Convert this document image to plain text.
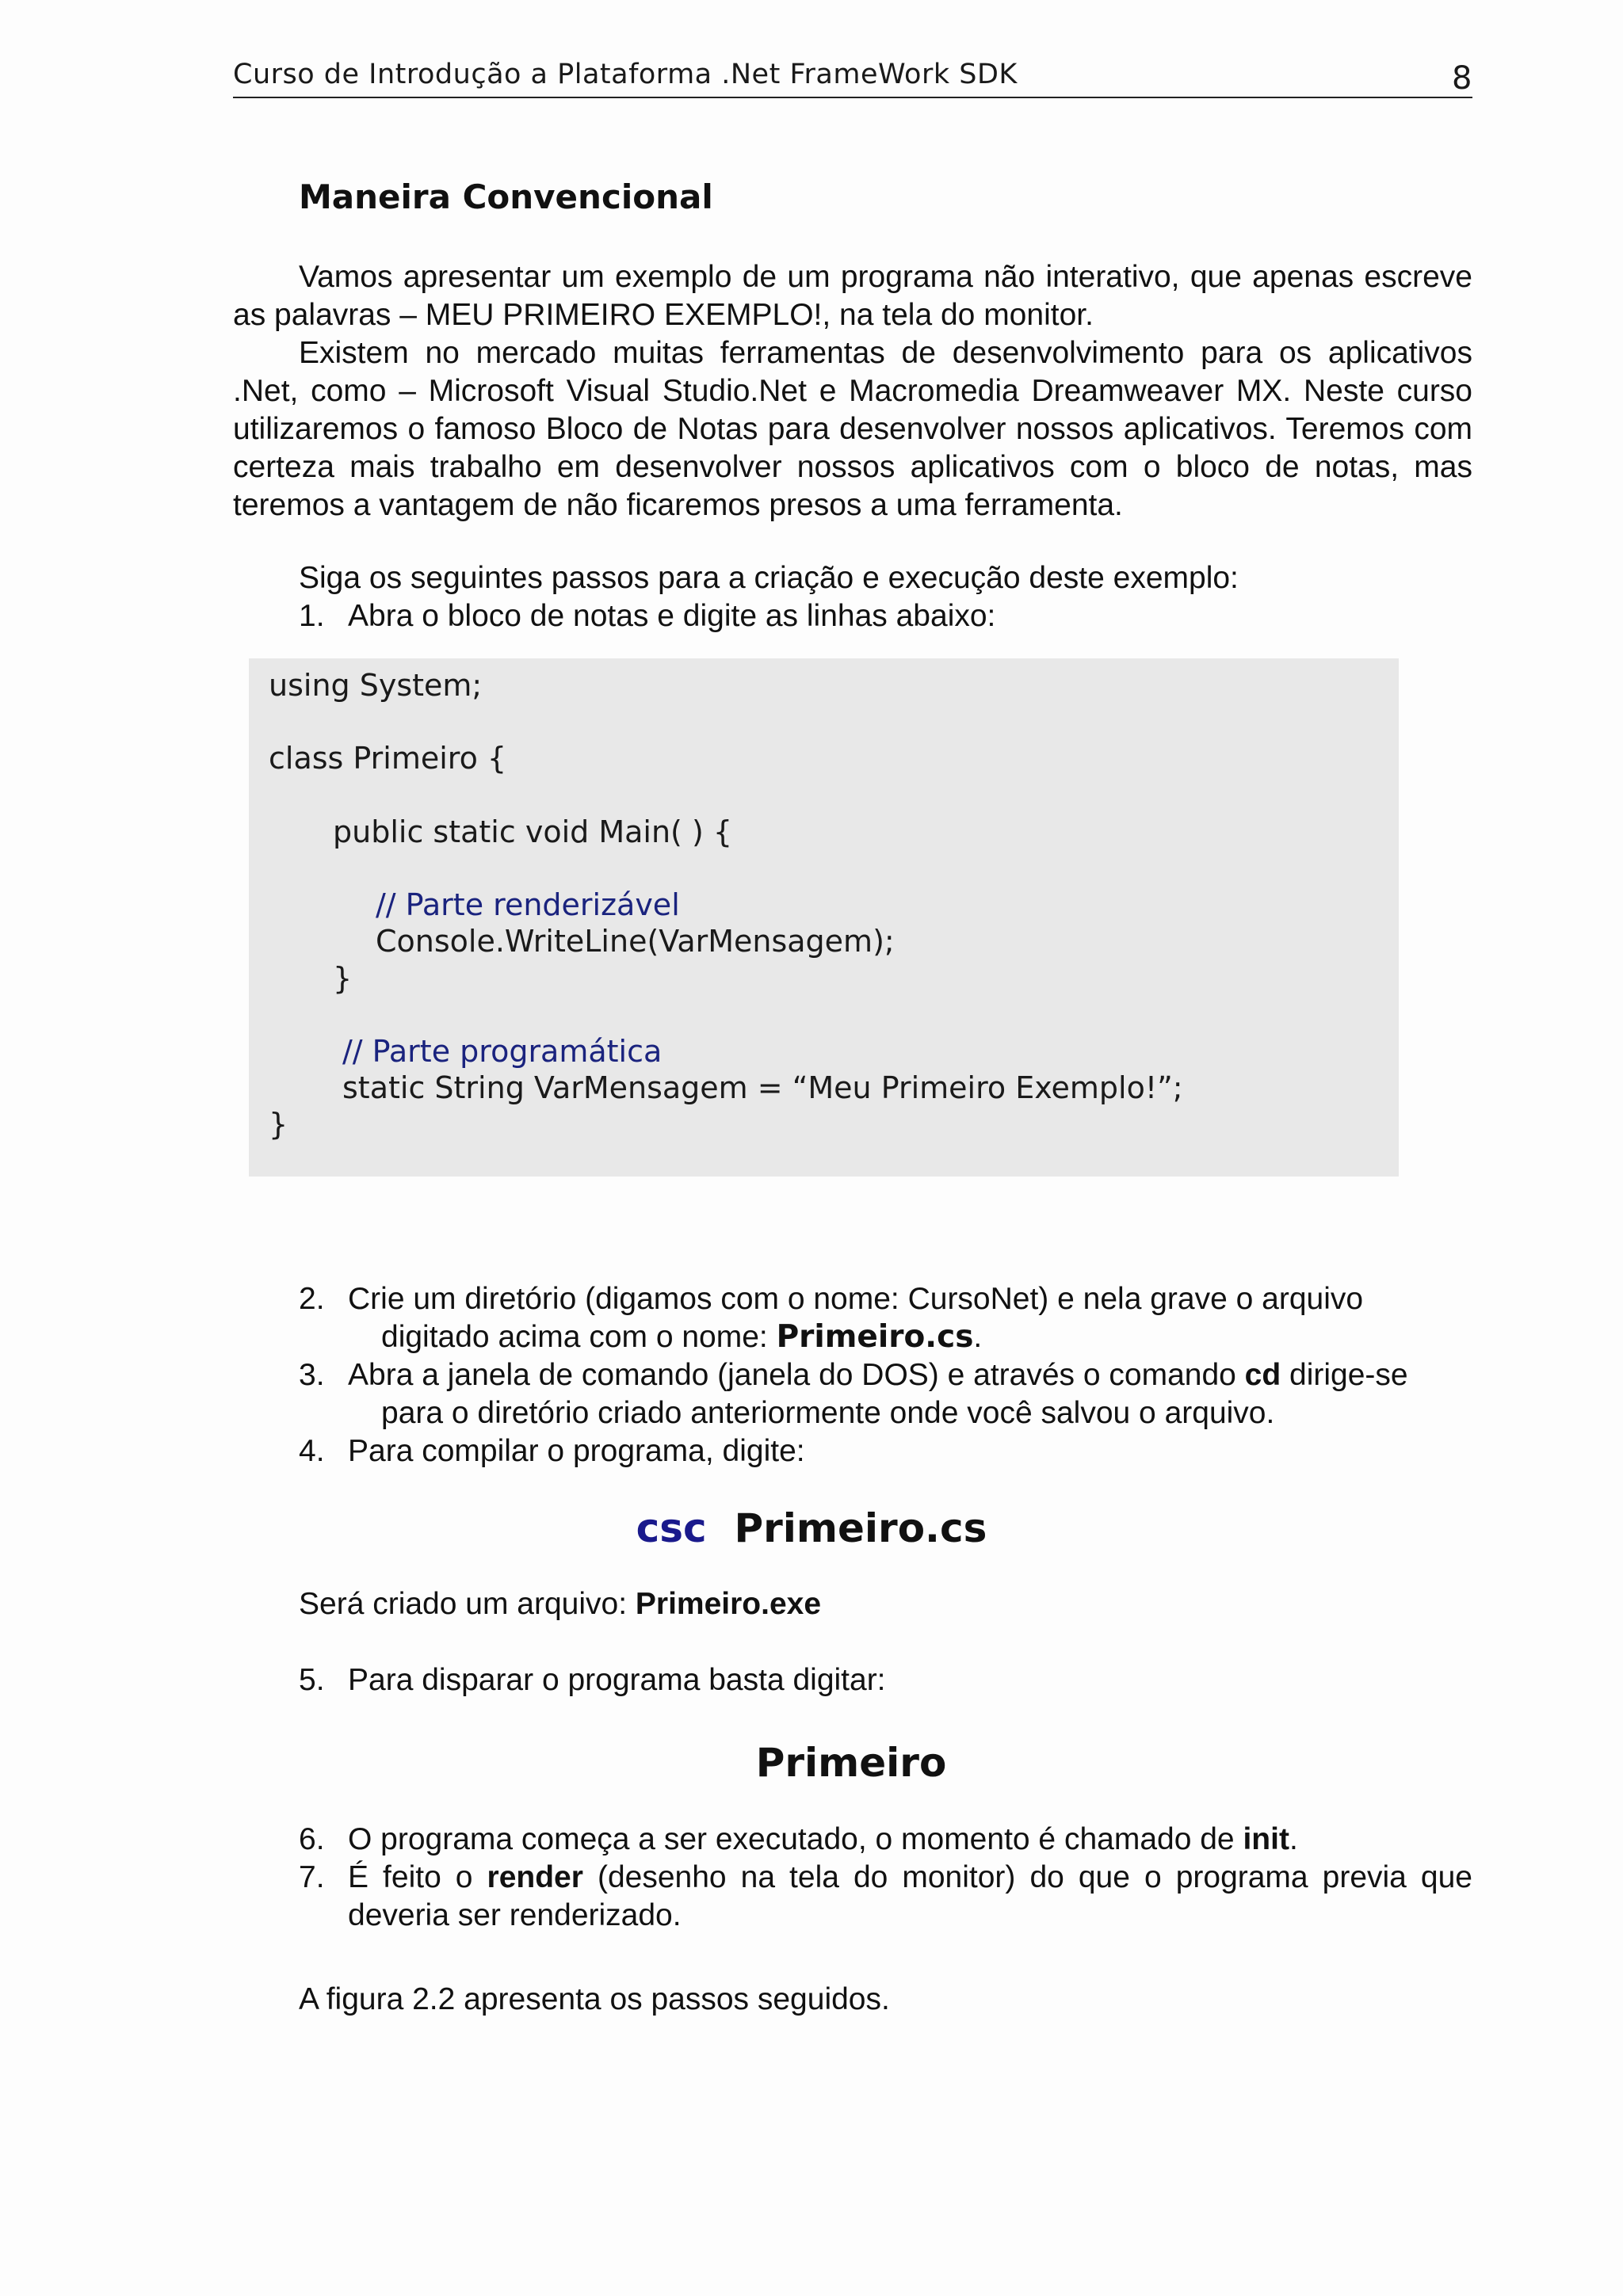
Curso de Introdução a Plataforma .Net FrameWork SDK	8
Maneira Convencional
Vamos apresentar um exemplo de um programa não interativo, que apenas escreve as palavras – MEU PRIMEIRO EXEMPLO!, na tela do monitor.
Existem no mercado muitas ferramentas de desenvolvimento para os aplicativos .Net, como – Microsoft Visual Studio.Net e Macromedia Dreamweaver MX. Neste curso utilizaremos o famoso Bloco de Notas para desenvolver nossos aplicativos. Teremos com certeza mais trabalho em desenvolver nossos aplicativos com o bloco de notas, mas teremos a vantagem de não ficaremos presos a uma ferramenta.
Siga os seguintes passos para a criação e execução deste exemplo:
1. Abra o bloco de notas e digite as linhas abaixo:
using System;
class Primeiro {
public static void Main( ) {
// Parte renderizável
Console.WriteLine(VarMensagem);
}
// Parte programática
static String VarMensagem = “Meu Primeiro Exemplo!”;
}
2. Crie um diretório (digamos com o nome: CursoNet) e nela grave o arquivo
digitado acima com o nome: Primeiro.cs.
3. Abra a janela de comando (janela do DOS) e através o comando cd dirige-se
para o diretório criado anteriormente onde você salvou o arquivo.
4. Para compilar o programa, digite:
csc Primeiro.cs
Será criado um arquivo: Primeiro.exe
5. Para disparar o programa basta digitar:
Primeiro
6. O programa começa a ser executado, o momento é chamado de init.
7. É feito o render (desenho na tela do monitor) do que o programa previa que
deveria ser renderizado.
A figura 2.2 apresenta os passos seguidos.
